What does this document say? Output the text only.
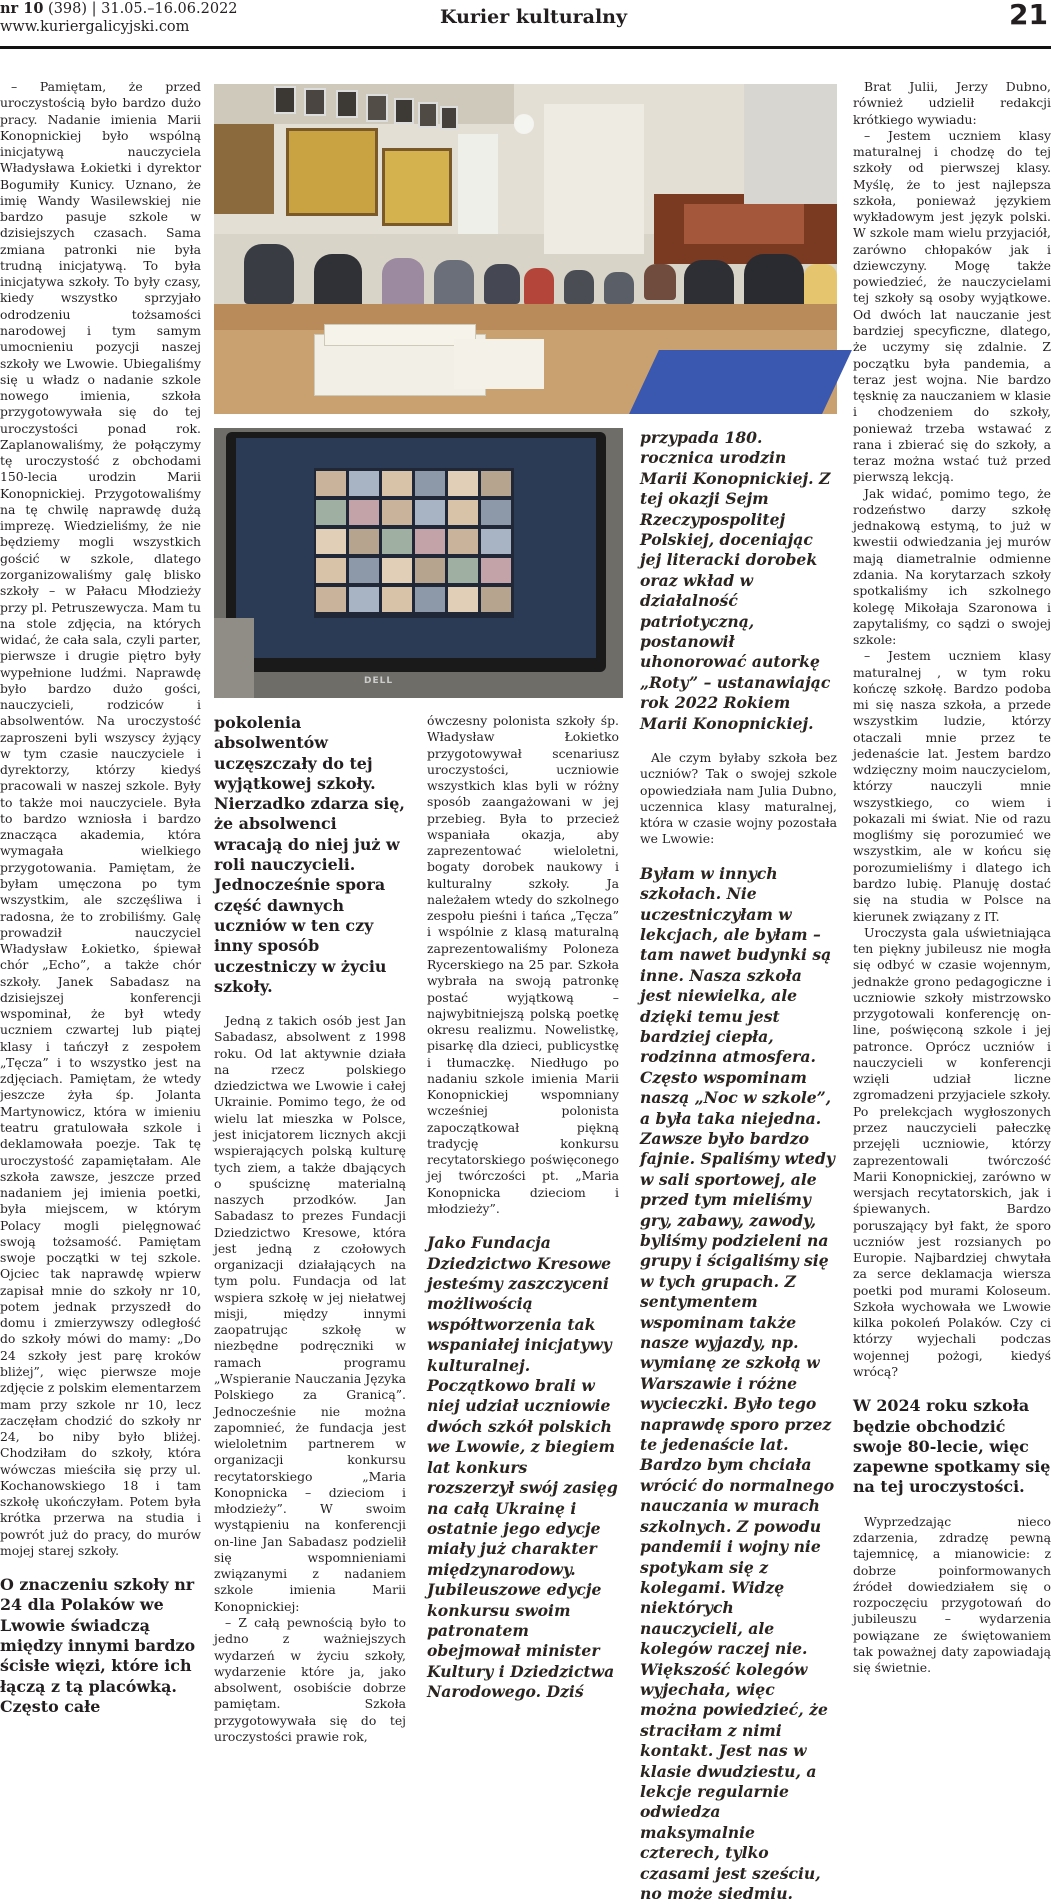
nr 10 (398) | 31.05.–16.06.2022
www.kuriergalicyjski.com	Kurier kulturalny	21

– Pamiętam, że przed uroczystością było bardzo dużo pracy. Nadanie imienia Marii Konopnickiej było wspólną inicjatywą nauczyciela Władysława Łokietki i dyrektor Bogumiły Kunicy. Uznano, że imię Wandy Wasilewskiej nie bardzo pasuje szkole w dzisiejszych czasach. Sama zmiana patronki nie była trudną inicjatywą. To była inicjatywa szkoły. To były czasy, kiedy wszystko sprzyjało odrodzeniu tożsamości narodowej i tym samym umocnieniu pozycji naszej szkoły we Lwowie. Ubiegaliśmy się u władz o nadanie szkole nowego imienia, szkoła przygotowywała się do tej uroczystości ponad rok. Zaplanowaliśmy, że połączymy tę uroczystość z obchodami 150-lecia urodzin Marii Konopnickiej. Przygotowaliśmy na tę chwilę naprawdę dużą imprezę. Wiedzieliśmy, że nie będziemy mogli wszystkich gościć w szkole, dlatego zorganizowaliśmy galę blisko szkoły – w Pałacu Młodzieży przy pl. Petruszewycza. Mam tu na stole zdjęcia, na których widać, że cała sala, czyli parter, pierwsze i drugie piętro były wypełnione ludźmi. Naprawdę było bardzo dużo gości, nauczycieli, rodziców i absolwentów. Na uroczystość zaproszeni byli wszyscy żyjący w tym czasie nauczyciele i dyrektorzy, którzy kiedyś pracowali w naszej szkole. Były to także moi nauczyciele. Była to bardzo wzniosła i bardzo znacząca akademia, która wymagała wielkiego przygotowania. Pamiętam, że byłam umęczona po tym wszystkim, ale szczęśliwa i radosna, że to zrobiliśmy. Galę prowadził nauczyciel Władysław Łokietko, śpiewał chór „Echo”, a także chór szkoły. Janek Sabadasz na dzisiejszej konferencji wspominał, że był wtedy uczniem czwartej lub piątej klasy i tańczył z zespołem „Tęcza” i to wszystko jest na zdjęciach. Pamiętam, że wtedy jeszcze żyła śp. Jolanta Martynowicz, która w imieniu teatru gratulowała szkole i deklamowała poezje. Tak tę uroczystość zapamiętałam. Ale szkoła zawsze, jeszcze przed nadaniem jej imienia poetki, była miejscem, w którym Polacy mogli pielęgnować swoją tożsamość. Pamiętam swoje początki w tej szkole. Ojciec tak naprawdę wpierw zapisał mnie do szkoły nr 10, potem jednak przyszedł do domu i zmierzywszy odległość do szkoły mówi do mamy: „Do 24 szkoły jest parę kroków bliżej”, więc pierwsze moje zdjęcie z polskim elementarzem mam przy szkole nr 10, lecz zaczęłam chodzić do szkoły nr 24, bo niby było bliżej. Chodziłam do szkoły, która wówczas mieściła się przy ul. Kochanowskiego 18 i tam szkołę ukończyłam. Potem była krótka przerwa na studia i powrót już do pracy, do murów mojej starej szkoły.

O znaczeniu szkoły nr 24 dla Polaków we Lwowie świadczą między innymi bardzo ścisłe więzi, które ich łączą z tą placówką. Często całe

DELL

pokolenia absolwentów uczęszczały do tej wyjątkowej szkoły. Nierzadko zdarza się, że absolwenci wracają do niej już w roli nauczycieli. Jednocześnie spora część dawnych uczniów w ten czy inny sposób uczestniczy w życiu szkoły.

Jedną z takich osób jest Jan Sabadasz, absolwent z 1998 roku. Od lat aktywnie działa na rzecz polskiego dziedzictwa we Lwowie i całej Ukrainie. Pomimo tego, że od wielu lat mieszka w Polsce, jest inicjatorem licznych akcji wspierających polską kulturę tych ziem, a także dbających o spuściznę materialną naszych przodków. Jan Sabadasz to prezes Fundacji Dziedzictwo Kresowe, która jest jedną z czołowych organizacji działających na tym polu. Fundacja od lat wspiera szkołę w jej niełatwej misji, między innymi zaopatrując szkołę w niezbędne podręczniki w ramach programu „Wspieranie Nauczania Języka Polskiego za Granicą”. Jednocześnie nie można zapomnieć, że fundacja jest wieloletnim partnerem w organizacji konkursu recytatorskiego „Maria Konopnicka – dzieciom i młodzieży”. W swoim wystąpieniu na konferencji on-line Jan Sabadasz podzielił się wspomnieniami związanymi z nadaniem szkole imienia Marii Konopnickiej:

– Z całą pewnością było to jedno z ważniejszych wydarzeń w życiu szkoły, wydarzenie które ja, jako absolwent, osobiście dobrze pamiętam. Szkoła przygotowywała się do tej uroczystości prawie rok,

ówczesny polonista szkoły śp. Władysław Łokietko przygotowywał scenariusz uroczystości, uczniowie wszystkich klas byli w różny sposób zaangażowani w jej przebieg. Była to przecież wspaniała okazja, aby zaprezentować wieloletni, bogaty dorobek naukowy i kulturalny szkoły. Ja należałem wtedy do szkolnego zespołu pieśni i tańca „Tęcza” i wspólnie z klasą maturalną zaprezentowaliśmy Poloneza Rycerskiego na 25 par. Szkoła wybrała na swoją patronkę postać wyjątkową – najwybitniejszą polską poetkę okresu realizmu. Nowelistkę, pisarkę dla dzieci, publicystkę i tłumaczkę. Niedługo po nadaniu szkole imienia Marii Konopnickiej wspomniany wcześniej polonista zapoczątkował piękną tradycję konkursu recytatorskiego poświęconego jej twórczości pt. „Maria Konopnicka dzieciom i młodzieży”.

Jako Fundacja Dziedzictwo Kresowe jesteśmy zaszczyceni możliwością współtworzenia tak wspaniałej inicjatywy kulturalnej. Początkowo brali w niej udział uczniowie dwóch szkół polskich we Lwowie, z biegiem lat konkurs rozszerzył swój zasięg na całą Ukrainę i ostatnie jego edycje miały już charakter międzynarodowy. Jubileuszowe edycje konkursu swoim patronatem obejmował minister Kultury i Dziedzictwa Narodowego. Dziś

przypada 180. rocznica urodzin Marii Konopnickiej. Z tej okazji Sejm Rzeczypospolitej Polskiej, doceniając jej literacki dorobek oraz wkład w działalność patriotyczną, postanowił uhonorować autorkę „Roty” – ustanawiając rok 2022 Rokiem Marii Konopnickiej.

Ale czym byłaby szkoła bez uczniów? Tak o swojej szkole opowiedziała nam Julia Dubno, uczennica klasy maturalnej, która w czasie wojny pozostała we Lwowie:

Byłam w innych szkołach. Nie uczestniczyłam w lekcjach, ale byłam – tam nawet budynki są inne. Nasza szkoła jest niewielka, ale dzięki temu jest bardziej ciepła, rodzinna atmosfera. Często wspominam naszą „Noc w szkole”, a była taka niejedna. Zawsze było bardzo fajnie. Spaliśmy wtedy w sali sportowej, ale przed tym mieliśmy gry, zabawy, zawody, byliśmy podzieleni na grupy i ścigaliśmy się w tych grupach. Z sentymentem wspominam także nasze wyjazdy, np. wymianę ze szkołą w Warszawie i różne wycieczki. Było tego naprawdę sporo przez te jedenaście lat. Bardzo bym chciała wrócić do normalnego nauczania w murach szkolnych. Z powodu pandemii i wojny nie spotykam się z kolegami. Widzę niektórych nauczycieli, ale kolegów raczej nie. Większość kolegów wyjechała, więc można powiedzieć, że straciłam z nimi kontakt. Jest nas w klasie dwudziestu, a lekcje regularnie odwiedza maksymalnie czterech, tylko czasami jest sześciu, no może siedmiu.

Brat Julii, Jerzy Dubno, również udzielił redakcji krótkiego wywiadu:

– Jestem uczniem klasy maturalnej i chodzę do tej szkoły od pierwszej klasy. Myślę, że to jest najlepsza szkoła, ponieważ językiem wykładowym jest język polski. W szkole mam wielu przyjaciół, zarówno chłopaków jak i dziewczyny. Mogę także powiedzieć, że nauczycielami tej szkoły są osoby wyjątkowe. Od dwóch lat nauczanie jest bardziej specyficzne, dlatego, że uczymy się zdalnie. Z początku była pandemia, a teraz jest wojna. Nie bardzo tęsknię za nauczaniem w klasie i chodzeniem do szkoły, ponieważ trzeba wstawać z rana i zbierać się do szkoły, a teraz można wstać tuż przed pierwszą lekcją.

Jak widać, pomimo tego, że rodzeństwo darzy szkołę jednakową estymą, to już w kwestii odwiedzania jej murów mają diametralnie odmienne zdania. Na korytarzach szkoły spotkaliśmy ich szkolnego kolegę Mikołaja Szaronowa i zapytaliśmy, co sądzi o swojej szkole:

– Jestem uczniem klasy maturalnej , w tym roku kończę szkołę. Bardzo podoba mi się nasza szkoła, a przede wszystkim ludzie, którzy otaczali mnie przez te jedenaście lat. Jestem bardzo wdzięczny moim nauczycielom, którzy nauczyli mnie wszystkiego, co wiem i pokazali mi świat. Nie od razu mogliśmy się porozumieć we wszystkim, ale w końcu się porozumieliśmy i dlatego ich bardzo lubię. Planuję dostać się na studia w Polsce na kierunek związany z IT.

Uroczysta gala uświetniająca ten piękny jubileusz nie mogła się odbyć w czasie wojennym, jednakże grono pedagogiczne i uczniowie szkoły mistrzowsko przygotowali konferencję on-line, poświęconą szkole i jej patronce. Oprócz uczniów i nauczycieli w konferencji wzięli udział liczne zgromadzeni przyjaciele szkoły. Po prelekcjach wygłoszonych przez nauczycieli pałeczkę przejęli uczniowie, którzy zaprezentowali twórczość Marii Konopnickiej, zarówno w wersjach recytatorskich, jak i śpiewanych. Bardzo poruszający był fakt, że sporo uczniów jest rozsianych po Europie. Najbardziej chwytała za serce deklamacja wiersza poetki pod murami Koloseum. Szkoła wychowała we Lwowie kilka pokoleń Polaków. Czy ci którzy wyjechali podczas wojennej pożogi, kiedyś wrócą?

W 2024 roku szkoła będzie obchodzić swoje 80-lecie, więc zapewne spotkamy się na tej uroczystości.

Wyprzedzając nieco zdarzenia, zdradzę pewną tajemnicę, a mianowicie: z dobrze poinformowanych źródeł dowiedziałem się o rozpoczęciu przygotowań do jubileuszu – wydarzenia powiązane ze świętowaniem tak poważnej daty zapowiadają się świetnie.
